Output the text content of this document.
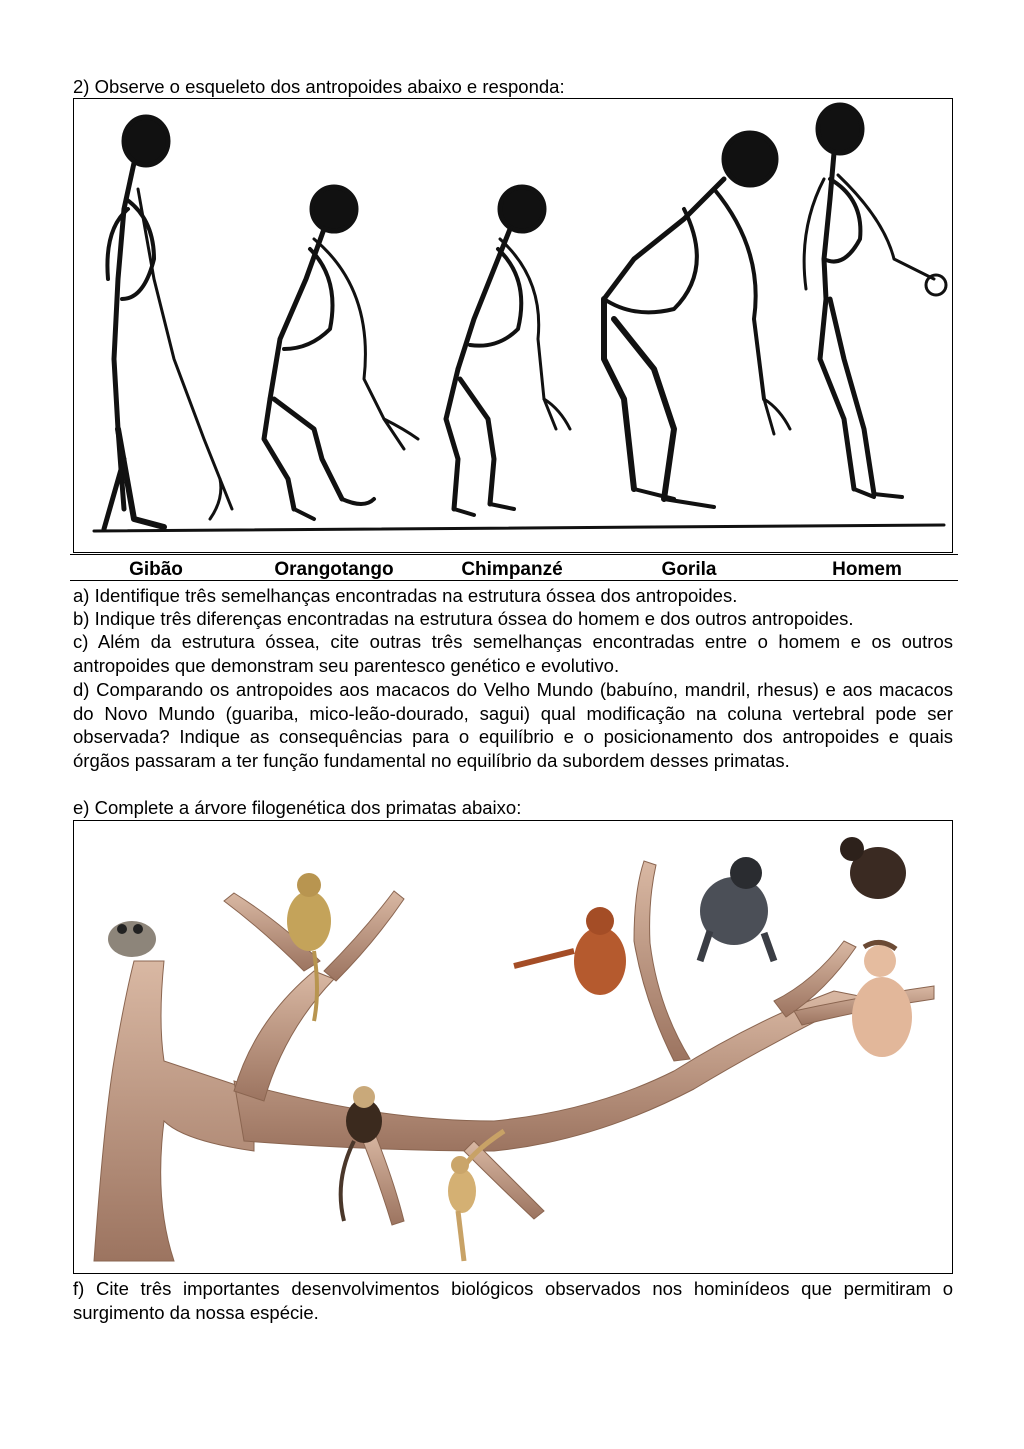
2) Observe o esqueleto dos antropoides abaixo e responda:
Gibão	Orangotango	Chimpanzé	Gorila	Homem
a) Identifique três semelhanças encontradas na estrutura óssea dos antropoides.
b) Indique três diferenças encontradas na estrutura óssea do homem e dos outros antropoides.
c) Além da estrutura óssea, cite outras três semelhanças encontradas entre o homem e os outros antropoides que demonstram seu parentesco genético e evolutivo.
d) Comparando os antropoides aos macacos do Velho Mundo (babuíno, mandril, rhesus) e aos macacos do Novo Mundo (guariba, mico-leão-dourado, sagui) qual modificação na coluna vertebral pode ser observada? Indique as consequências para o equilíbrio e o posicionamento dos antropoides e quais órgãos passaram a ter função fundamental no equilíbrio da subordem desses primatas.
e) Complete a árvore filogenética dos primatas abaixo:
f) Cite três importantes desenvolvimentos biológicos observados nos hominídeos que permitiram o surgimento da nossa espécie.
